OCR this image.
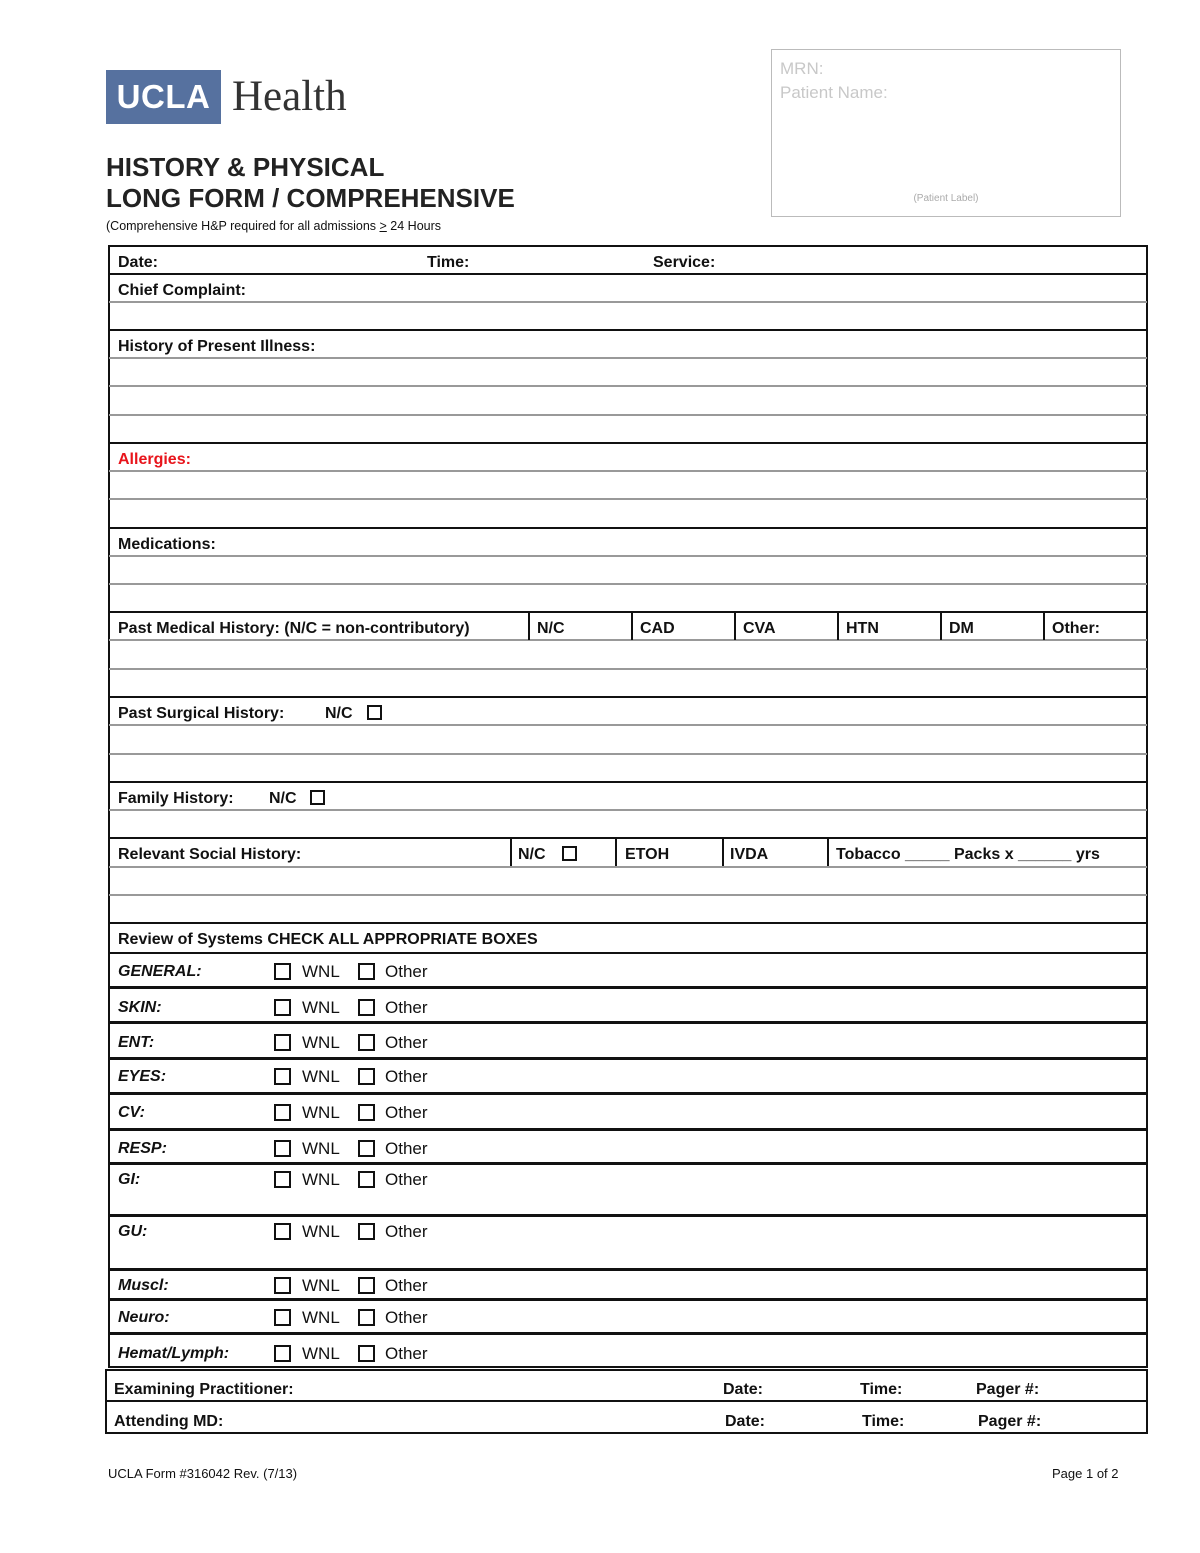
UCLA Health
HISTORY & PHYSICAL
LONG FORM / COMPREHENSIVE
(Comprehensive H&P required for all admissions > 24 Hours
MRN:
Patient Name:
(Patient Label)
Date:	Time:	Service:
Chief Complaint:
History of Present Illness:
Allergies:
Medications:
Past Medical History: (N/C = non-contributory)	N/C	CAD	CVA	HTN	DM	Other:
Past Surgical History:	N/C
Family History: N/C
Relevant Social History:	N/C	ETOH	IVDA	Tobacco _____ Packs x ______ yrs
Review of Systems CHECK ALL APPROPRIATE BOXES
GENERAL:	WNL	Other
SKIN:	WNL	Other
ENT:	WNL	Other
EYES:	WNL	Other
CV:	WNL	Other
RESP:	WNL	Other
GI:	WNL	Other
GU:	WNL	Other
Muscl:	WNL	Other
Neuro:	WNL	Other
Hemat/Lymph:	WNL	Other
Examining Practitioner:	Date:	Time:	Pager #:
Attending MD:	Date:	Time:	Pager #:
UCLA Form #316042 Rev. (7/13)	Page 1 of 2
